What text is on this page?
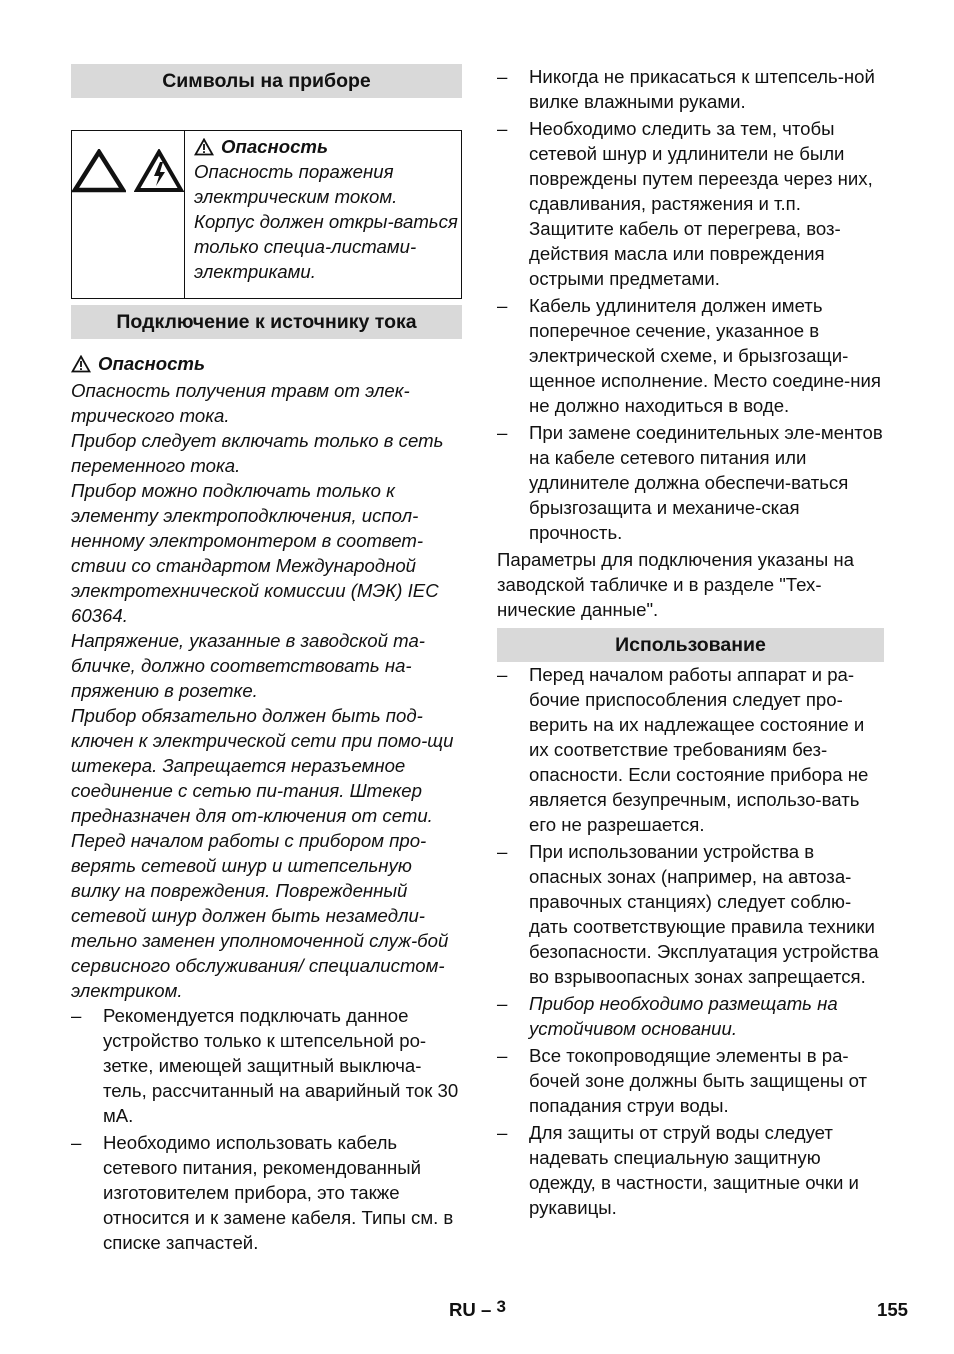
Символы на приборе
Опасность
Опасность поражения электрическим током. Корпус должен откры-ваться только специа-листами-электриками.
Подключение к источнику тока
Опасность

Опасность получения травм от элек-трического тока.

Прибор следует включать только в сеть переменного тока.

Прибор можно подключать только к элементу электроподключения, испол-ненному электромонтером в соответ-ствии со стандартом Международной электротехнической комиссии (МЭК) IEC 60364.

Напряжение, указанные в заводской та-бличке, должно соответствовать на-пряжению в розетке.

Прибор обязательно должен быть под-ключен к электрической сети при помо-щи штекера. Запрещается неразъемное соединение с сетью пи-тания. Штекер предназначен для от-ключения от сети.

Перед началом работы с прибором про-верять сетевой шнур и штепсельную вилку на повреждения. Поврежденный сетевой шнур должен быть незамедли-тельно заменен уполномоченной служ-бой сервисного обслуживания/ специалистом-электриком.

–	Рекомендуется подключать данное устройство только к штепсельной ро-зетке, имеющей защитный выключа-тель, рассчитанный на аварийный ток 30 мА.
–	Необходимо использовать кабель сетевого питания, рекомендованный изготовителем прибора, это также относится и к замене кабеля. Типы см. в списке запчастей.
–	Никогда не прикасаться к штепсель-ной вилке влажными руками.
–	Необходимо следить за тем, чтобы сетевой шнур и удлинители не были повреждены путем переезда через них, сдавливания, растяжения и т.п. Защитите кабель от перегрева, воз-действия масла или повреждения острыми предметами.
–	Кабель удлинителя должен иметь поперечное сечение, указанное в электрической схеме, и брызгозащи-щенное исполнение. Место соедине-ния не должно находиться в воде.
–	При замене соединительных эле-ментов на кабеле сетевого питания или удлинителе должна обеспечи-ваться брызгозащита и механиче-ская прочность.

Параметры для подключения указаны на заводской табличке и в разделе "Тех-нические данные".

Использование
–	Перед началом работы аппарат и ра-бочие приспособления следует про-верить на их надлежащее состояние и их соответствие требованиям без-опасности. Если состояние прибора не является безупречным, использо-вать его не разрешается.
–	При использовании устройства в опасных зонах (например, на автоза-правочных станциях) следует соблю-дать соответствующие правила техники безопасности. Эксплуатация устройства во взрывоопасных зонах запрещается.
–	Прибор необходимо размещать на устойчивом основании.
–	Все токопроводящие элементы в ра-бочей зоне должны быть защищены от попадания струи воды.
–	Для защиты от струй воды следует надевать специальную защитную одежду, в частности, защитные очки и рукавицы.
RU – $^3$	155
